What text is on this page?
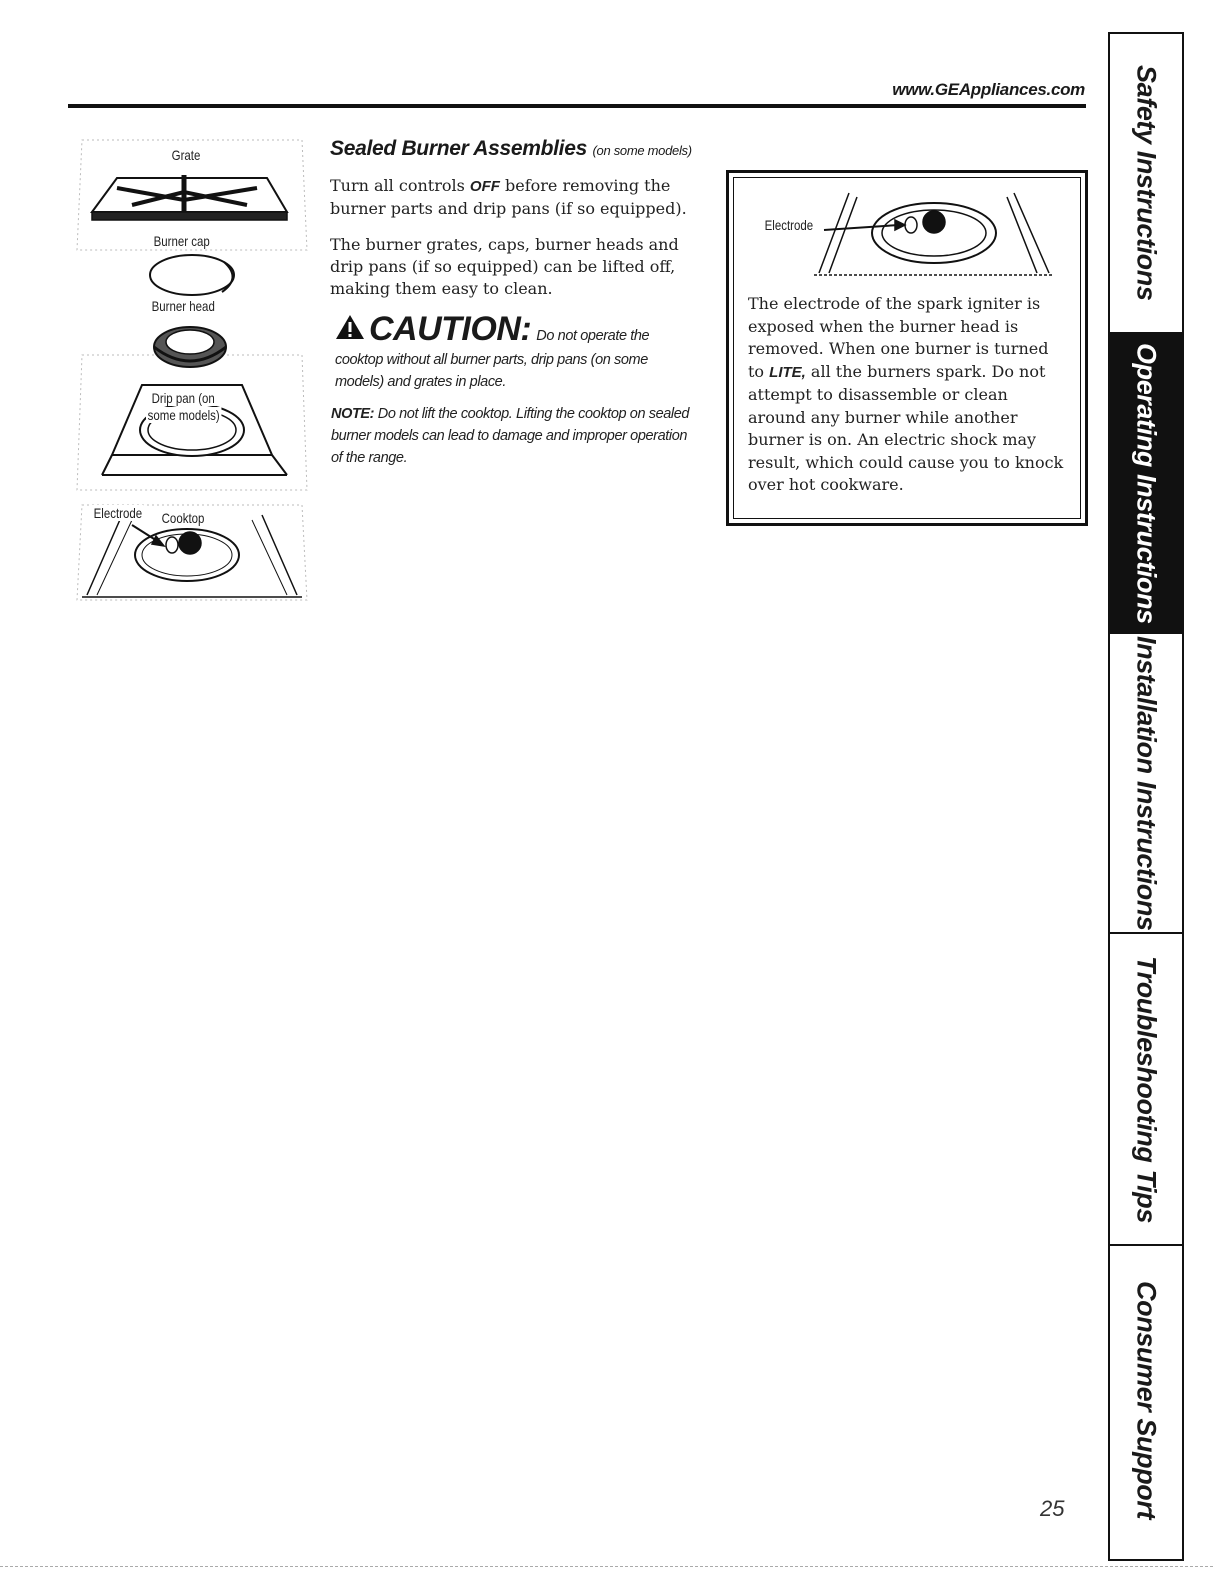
www.GEAppliances.com
Grate
Burner cap
Burner head
Drip pan (on
some models)
Electrode Cooktop
Sealed Burner Assemblies (on some models)
Turn all controls OFF before removing the burner parts and drip pans (if so equipped).
The burner grates, caps, burner heads and drip pans (if so equipped) can be lifted off, making them easy to clean.
CAUTION: Do not operate the
cooktop without all burner parts, drip pans (on some models) and grates in place.
NOTE: Do not lift the cooktop. Lifting the cooktop on sealed burner models can lead to damage and improper operation of the range.
Electrode
The electrode of the spark igniter is exposed when the burner head is removed. When one burner is turned to LITE, all the burners spark. Do not attempt to disassemble or clean around any burner while another burner is on. An electric shock may result, which could cause you to knock over hot cookware.
Safety Instructions
Operating Instructions
Installation Instructions
Troubleshooting Tips
Consumer Support
25
